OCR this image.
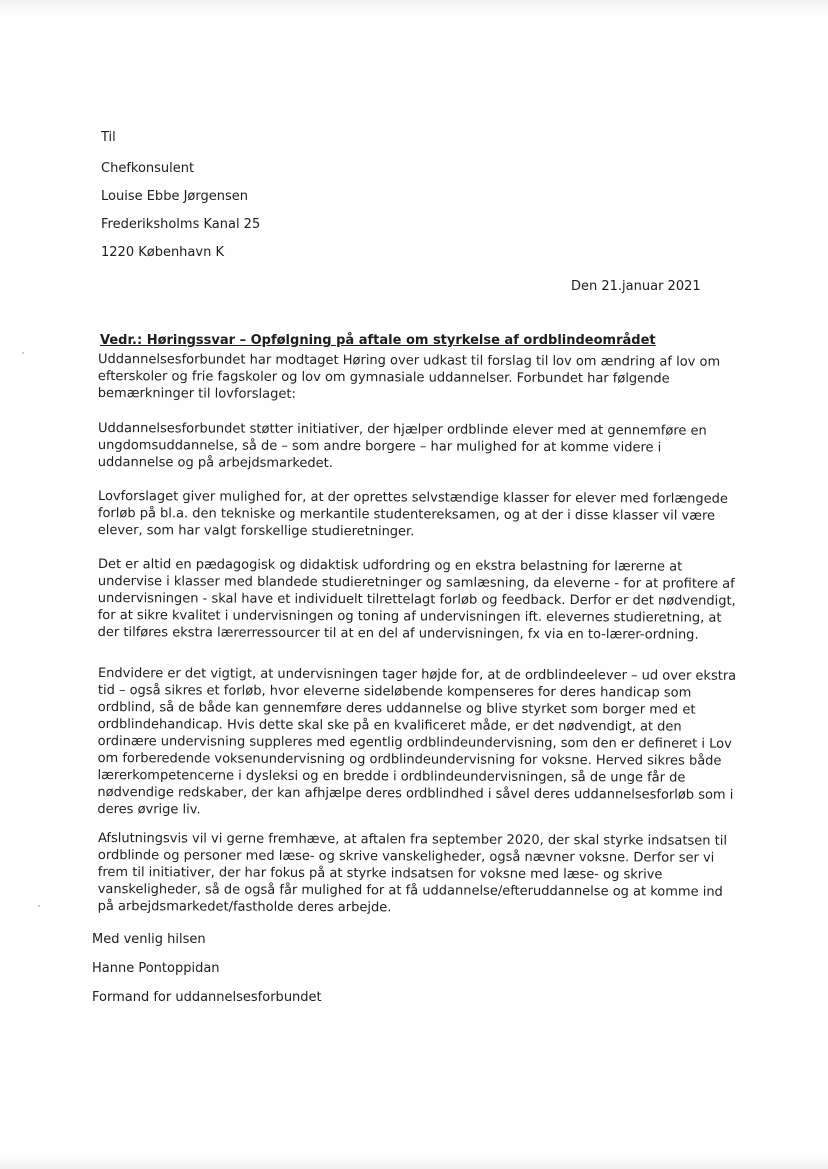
Til
Chefkonsulent
Louise Ebbe Jørgensen
Frederiksholms Kanal 25
1220 København K
Den 21.januar 2021
Vedr.: Høringssvar – Opfølgning på aftale om styrkelse af ordblindeområdet

Uddannelsesforbundet har modtaget Høring over udkast til forslag til lov om ændring af lov om efterskoler og frie fagskoler og lov om gymnasiale uddannelser. Forbundet har følgende bemærkninger til lovforslaget:

Uddannelsesforbundet støtter initiativer, der hjælper ordblinde elever med at gennemføre en ungdomsuddannelse, så de – som andre borgere – har mulighed for at komme videre i uddannelse og på arbejdsmarkedet.

Lovforslaget giver mulighed for, at der oprettes selvstændige klasser for elever med forlængede forløb på bl.a. den tekniske og merkantile studentereksamen, og at der i disse klasser vil være elever, som har valgt forskellige studieretninger.

Det er altid en pædagogisk og didaktisk udfordring og en ekstra belastning for lærerne at undervise i klasser med blandede studieretninger og samlæsning, da eleverne - for at profitere af undervisningen - skal have et individuelt tilrettelagt forløb og feedback. Derfor er det nødvendigt, for at sikre kvalitet i undervisningen og toning af undervisningen ift. elevernes studieretning, at der tilføres ekstra lærerressourcer til at en del af undervisningen, fx via en to-lærer-ordning.

Endvidere er det vigtigt, at undervisningen tager højde for, at de ordblindeelever – ud over ekstra tid – også sikres et forløb, hvor eleverne sideløbende kompenseres for deres handicap som ordblind, så de både kan gennemføre deres uddannelse og blive styrket som borger med et ordblindehandicap. Hvis dette skal ske på en kvalificeret måde, er det nødvendigt, at den ordinære undervisning suppleres med egentlig ordblindeundervisning, som den er defineret i Lov om forberedende voksenundervisning og ordblindeundervisning for voksne. Herved sikres både lærerkompetencerne i dysleksi og en bredde i ordblindeundervisningen, så de unge får de nødvendige redskaber, der kan afhjælpe deres ordblindhed i såvel deres uddannelsesforløb som i deres øvrige liv.

Afslutningsvis vil vi gerne fremhæve, at aftalen fra september 2020, der skal styrke indsatsen til ordblinde og personer med læse- og skrive vanskeligheder, også nævner voksne. Derfor ser vi frem til initiativer, der har fokus på at styrke indsatsen for voksne med læse- og skrive vanskeligheder, så de også får mulighed for at få uddannelse/efteruddannelse og at komme ind på arbejdsmarkedet/fastholde deres arbejde.

Med venlig hilsen
Hanne Pontoppidan
Formand for uddannelsesforbundet
